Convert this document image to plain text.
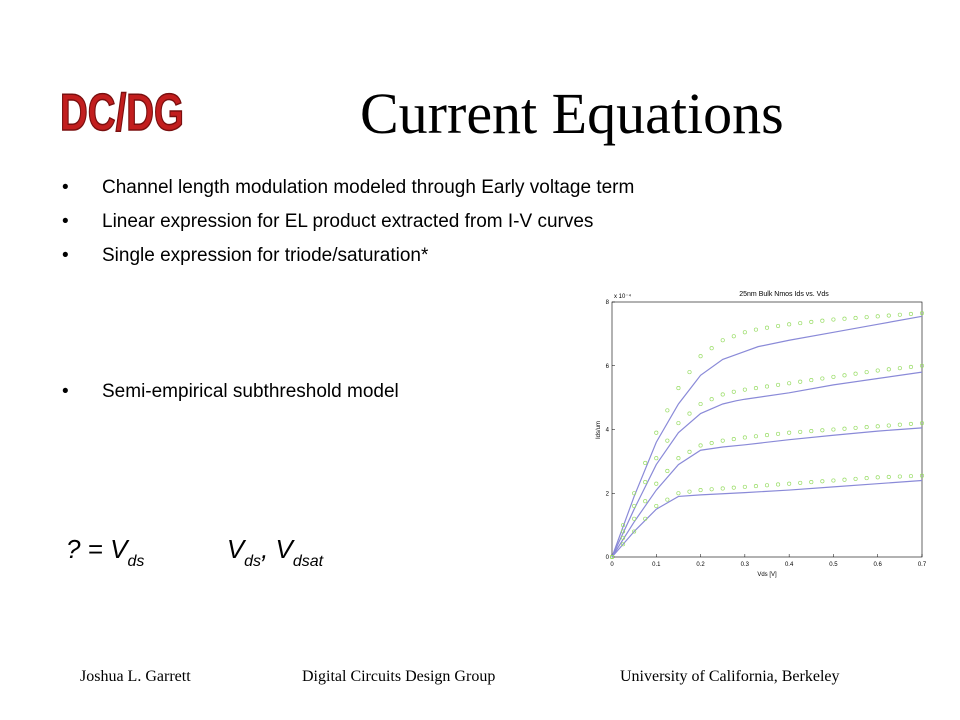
DC/DG	Current Equations
• Channel length modulation modeled through Early voltage term
• Linear expression for EL product extracted from I-V curves
• Single expression for triode/saturation*
• Semi-empirical subthreshold model
? = $V_{ds}$	$V_{ds}$, $V_{dsat}$
25nm Bulk Nmos Ids vs. Vds
x 10⁻⁴
Ids/um
Vds [V]
0	0.1	0.2	0.3	0.4	0.5	0.6	0.7
0
2
4
6
8
Joshua L. Garrett	Digital Circuits Design Group	University of California, Berkeley
